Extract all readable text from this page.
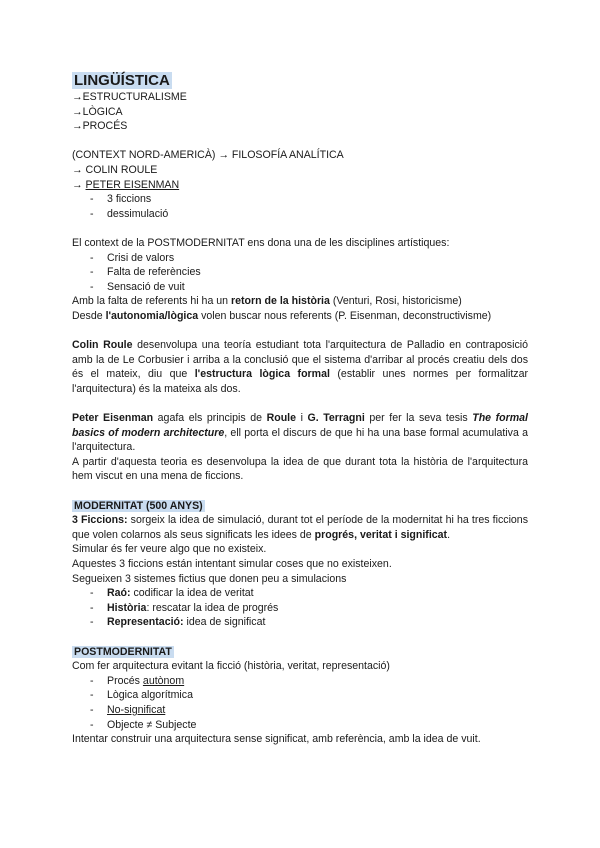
LINGÜÍSTICA

→ESTRUCTURALISME

→LÒGICA

→PROCÉS

(CONTEXT NORD-AMERICÀ) → FILOSOFÍA ANALÍTICA

→ COLIN ROULE

→ PETER EISENMAN

- 3 ficcions
- dessimulació

El context de la POSTMODERNITAT ens dona una de les disciplines artístiques:

- Crisi de valors
- Falta de referències
- Sensació de vuit

Amb la falta de referents hi ha un retorn de la història (Venturi, Rosi, historicisme)

Desde l'autonomia/lògica volen buscar nous referents (P. Eisenman, deconstructivisme)

Colin Roule desenvolupa una teoría estudiant tota l'arquitectura de Palladio en contraposició amb la de Le Corbusier i arriba a la conclusió que el sistema d'arribar al procés creatiu dels dos és el mateix, diu que l'estructura lògica formal (establir unes normes per formalitzar l'arquitectura) és la mateixa als dos.

Peter Eisenman agafa els principis de Roule i G. Terragni per fer la seva tesis The formal basics of modern architecture, ell porta el discurs de que hi ha una base formal acumulativa a l'arquitectura.

A partir d'aquesta teoria es desenvolupa la idea de que durant tota la història de l'arquitectura hem viscut en una mena de ficcions.

MODERNITAT (500 ANYS)

3 Ficcions: sorgeix la idea de simulació, durant tot el període de la modernitat hi ha tres ficcions que volen colarnos als seus significats les idees de progrés, veritat i significat.

Simular és fer veure algo que no existeix.

Aquestes 3 ficcions están intentant simular coses que no existeixen.

Segueixen 3 sistemes fictius que donen peu a simulacions

- Raó: codificar la idea de veritat
- Història: rescatar la idea de progrés
- Representació: idea de significat

POSTMODERNITAT

Com fer arquitectura evitant la ficció (història, veritat, representació)

- Procés autònom
- Lògica algorítmica
- No-significat
- Objecte ≠ Subjecte

Intentar construir una arquitectura sense significat, amb referència, amb la idea de vuit.
